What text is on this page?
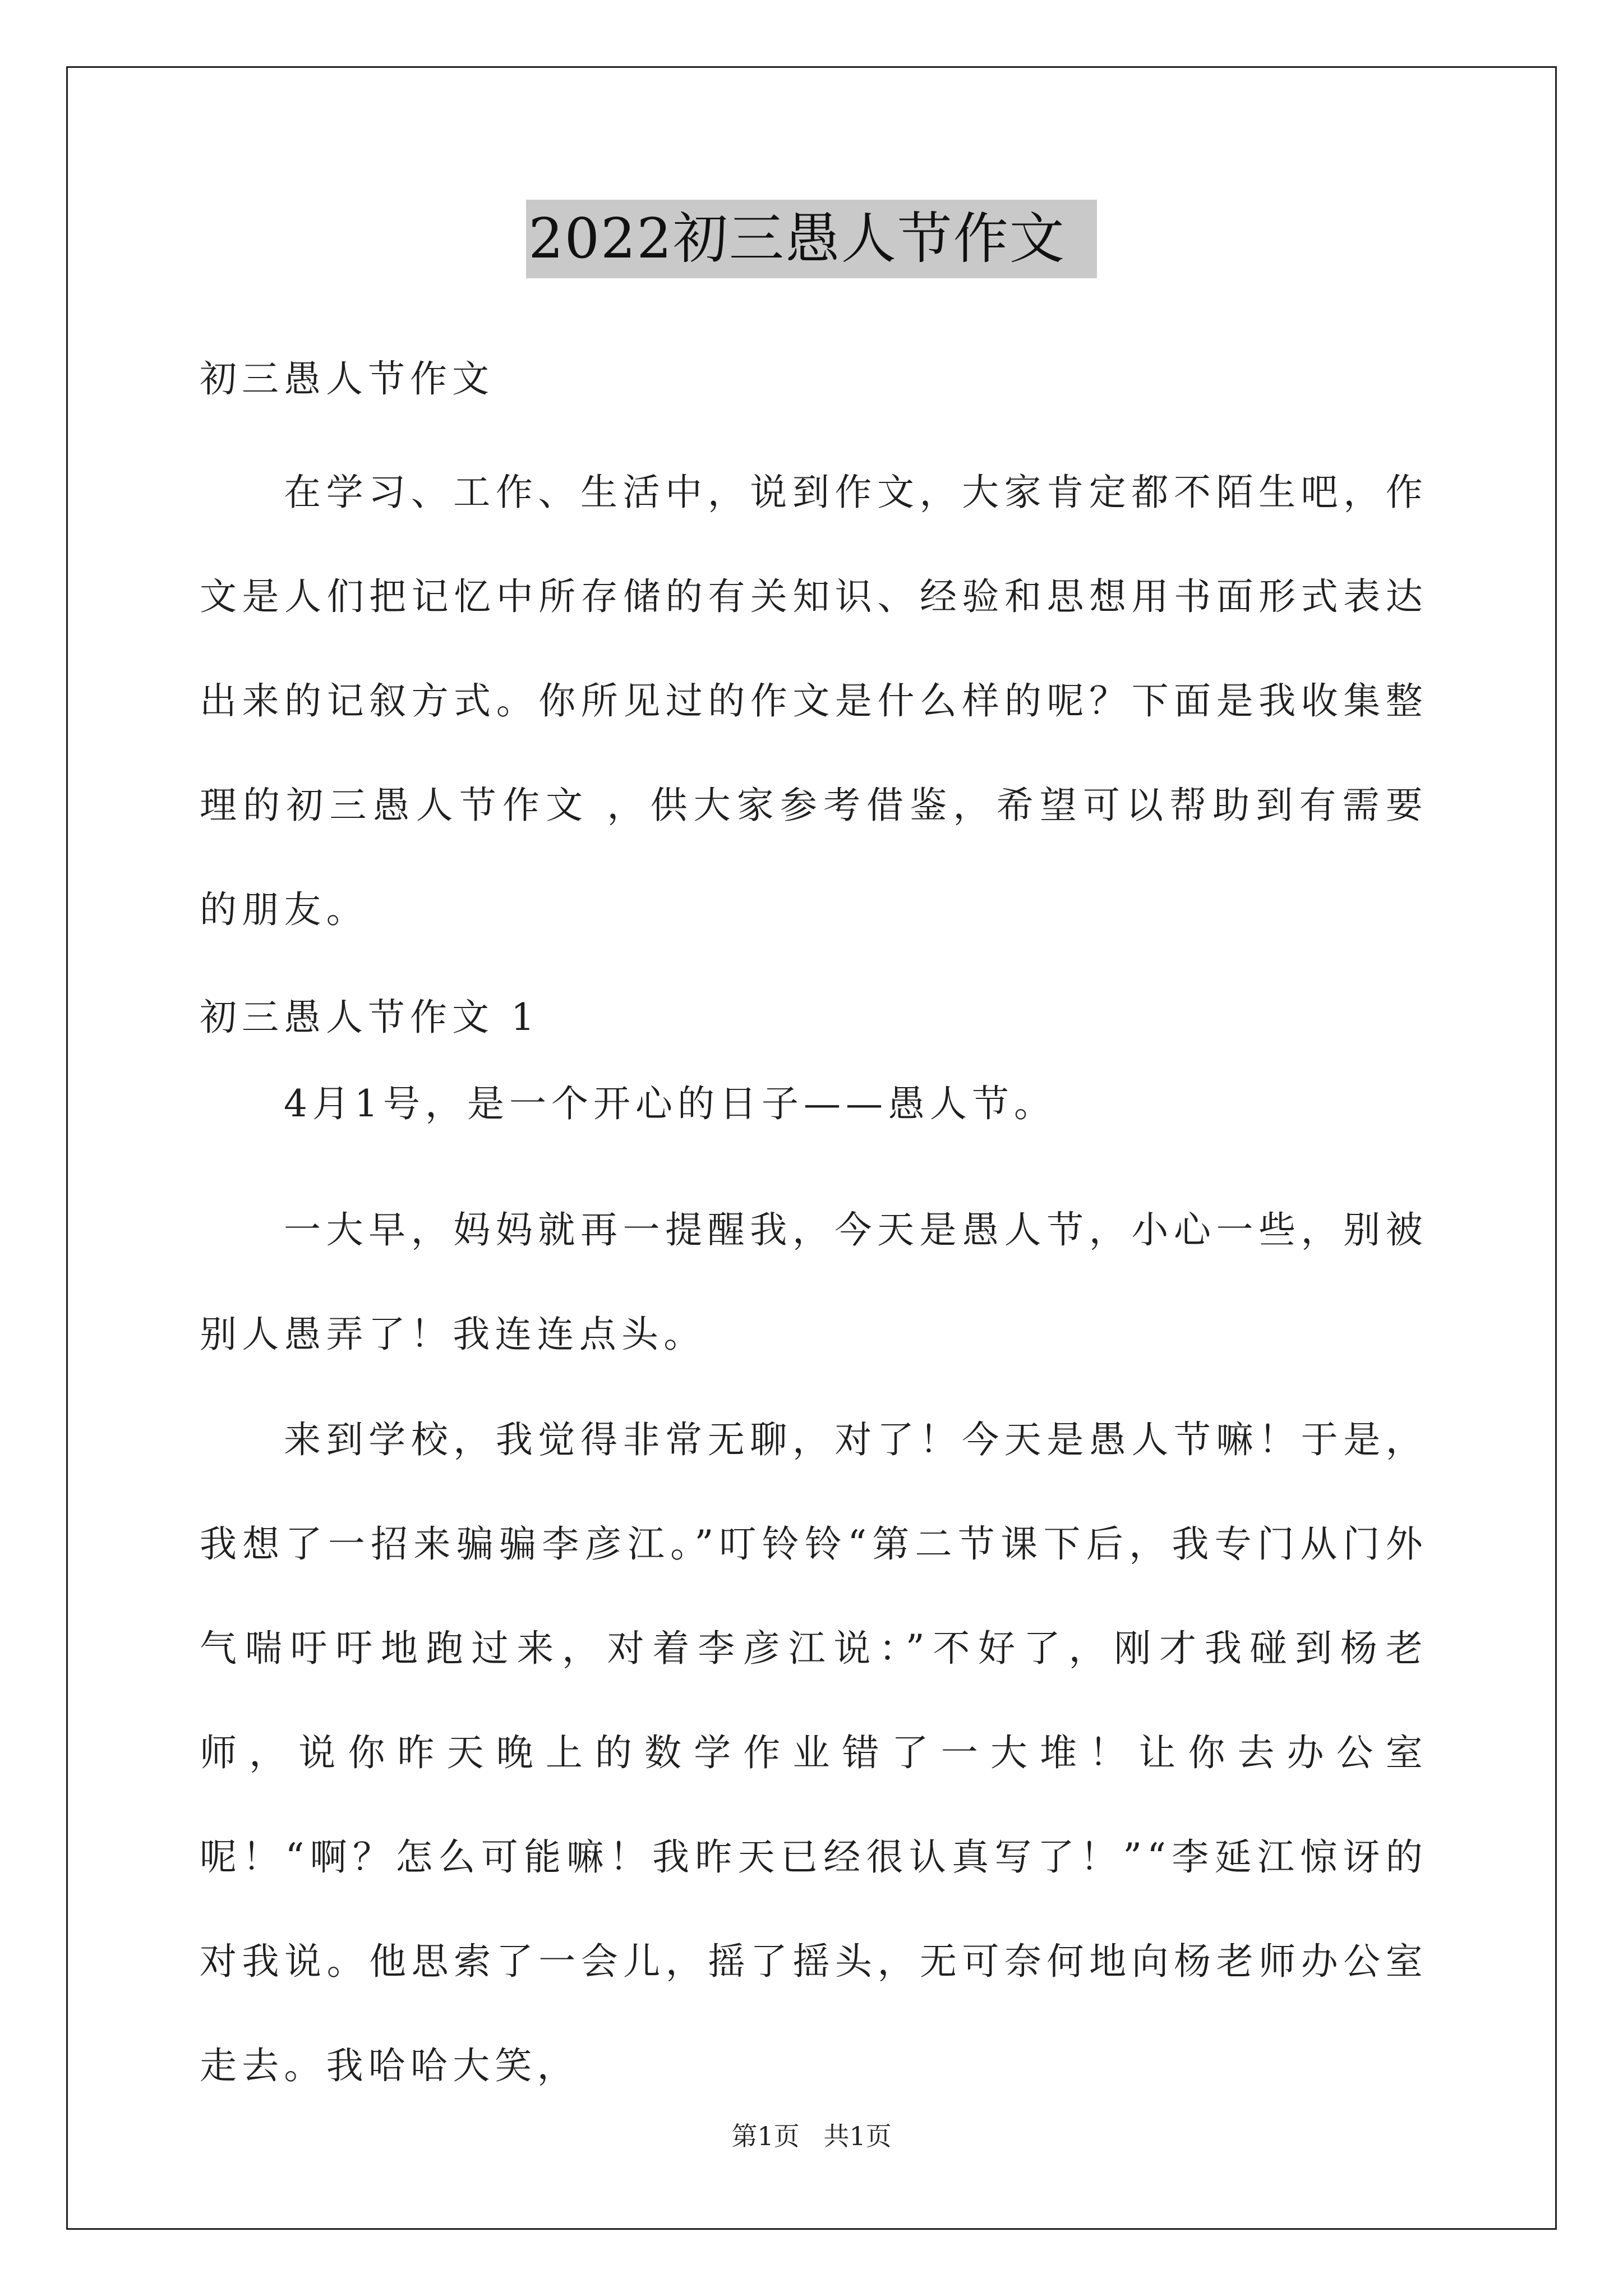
2022初三愚人节作文
初三愚人节作文
在学习、工作、生活中，说到作文，大家肯定都不陌生吧，作文是人们把记忆中所存储的有关知识、经验和思想用书面形式表达出来的记叙方式。你所见过的作文是什么样的呢？下面是我收集整理的初三愚人节作文 ，供大家参考借鉴，希望可以帮助到有需要的朋友。
初三愚人节作文 1
4月1号，是一个开心的日子——愚人节。
一大早，妈妈就再一提醒我，今天是愚人节，小心一些，别被别人愚弄了！我连连点头。
来到学校，我觉得非常无聊，对了！今天是愚人节嘛！于是，我想了一招来骗骗李彦江。”叮铃铃“第二节课下后，我专门从门外气喘吁吁地跑过来，对着李彦江说：”不好了，刚才我碰到杨老师，说你昨天晚上的数学作业错了一大堆！让你去办公室呢！“啊？怎么可能嘛！我昨天已经很认真写了！”“李延江惊讶的对我说。他思索了一会儿，摇了摇头，无可奈何地向杨老师办公室走去。我哈哈大笑，
第1页 共1页
